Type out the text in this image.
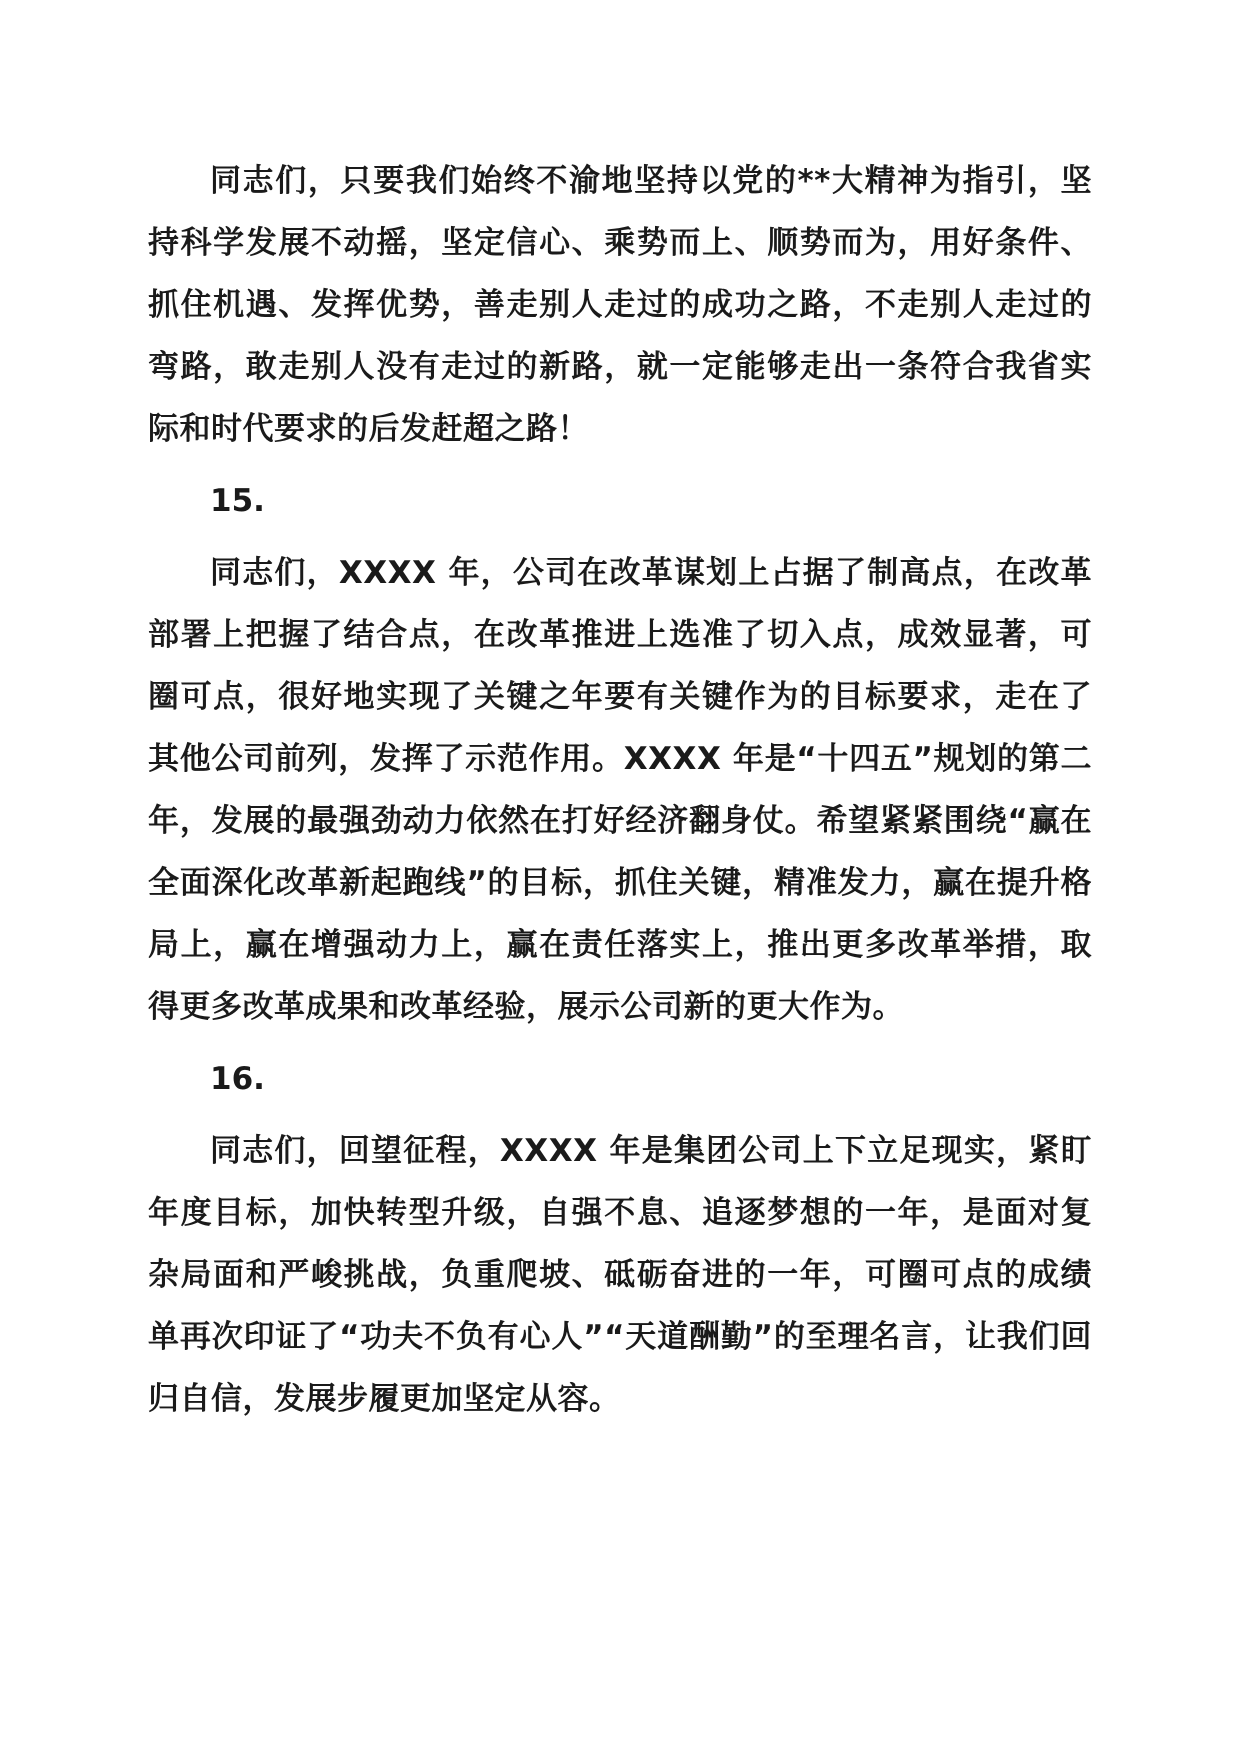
同志们，只要我们始终不渝地坚持以党的**大精神为指引，坚持科学发展不动摇，坚定信心、乘势而上、顺势而为，用好条件、抓住机遇、发挥优势，善走别人走过的成功之路，不走别人走过的弯路，敢走别人没有走过的新路，就一定能够走出一条符合我省实际和时代要求的后发赶超之路！

15.

同志们，XXXX 年，公司在改革谋划上占据了制高点，在改革部署上把握了结合点，在改革推进上选准了切入点，成效显著，可圈可点，很好地实现了关键之年要有关键作为的目标要求，走在了其他公司前列，发挥了示范作用。XXXX 年是“十四五”规划的第二年，发展的最强劲动力依然在打好经济翻身仗。希望紧紧围绕“赢在全面深化改革新起跑线”的目标，抓住关键，精准发力，赢在提升格局上，赢在增强动力上，赢在责任落实上，推出更多改革举措，取得更多改革成果和改革经验，展示公司新的更大作为。

16.

同志们，回望征程，XXXX 年是集团公司上下立足现实，紧盯年度目标，加快转型升级，自强不息、追逐梦想的一年，是面对复杂局面和严峻挑战，负重爬坡、砥砺奋进的一年，可圈可点的成绩单再次印证了“功夫不负有心人”“天道酬勤”的至理名言，让我们回归自信，发展步履更加坚定从容。
